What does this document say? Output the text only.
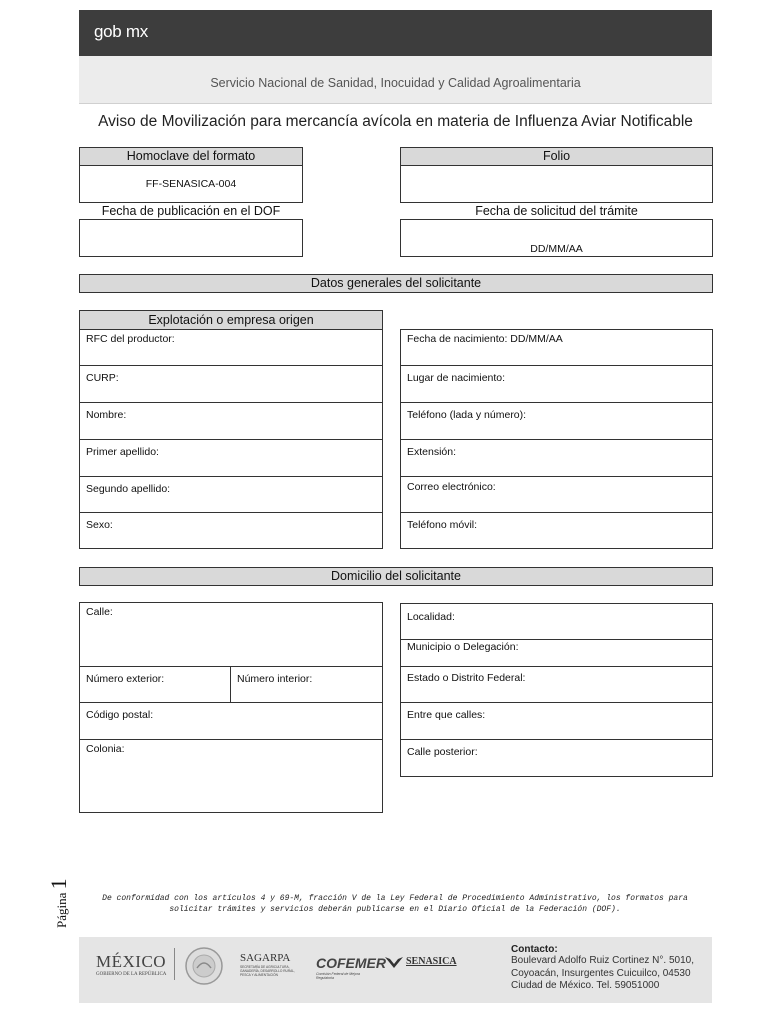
gob mx
Servicio Nacional de Sanidad, Inocuidad y Calidad Agroalimentaria
Aviso de Movilización para mercancía avícola en materia de Influenza Aviar Notificable
Homoclave del formato
FF-SENASICA-004
Fecha de publicación en el DOF
Folio
Fecha de solicitud del trámite
DD/MM/AA
Datos generales del solicitante
Explotación o empresa origen
RFC del productor:
CURP:
Nombre:
Primer apellido:
Segundo apellido:
Sexo:
Fecha de nacimiento: DD/MM/AA
Lugar de nacimiento:
Teléfono (lada y número):
Extensión:
Correo electrónico:
Teléfono móvil:
Domicilio del solicitante
Calle:
Número exterior:	Número interior:
Código postal:
Colonia:
Localidad:
Municipio o Delegación:
Estado o Distrito Federal:
Entre que calles:
Calle posterior:
Página 1
De conformidad con los artículos 4 y 69-M, fracción V de la Ley Federal de Procedimiento Administrativo, los formatos para solicitar trámites y servicios deberán publicarse en el Diario Oficial de la Federación (DOF).
MÉXICO
GOBIERNO DE LA REPÚBLICA
SAGARPA
SECRETARÍA DE AGRICULTURA, GANADERÍA, DESARROLLO RURAL, PESCA Y ALIMENTACIÓN
COFEMER
Comisión Federal de Mejora Regulatoria
SENASICA
Contacto:
Boulevard Adolfo Ruiz Cortinez N°. 5010,
Coyoacán, Insurgentes Cuicuilco, 04530
Ciudad de México. Tel. 59051000
